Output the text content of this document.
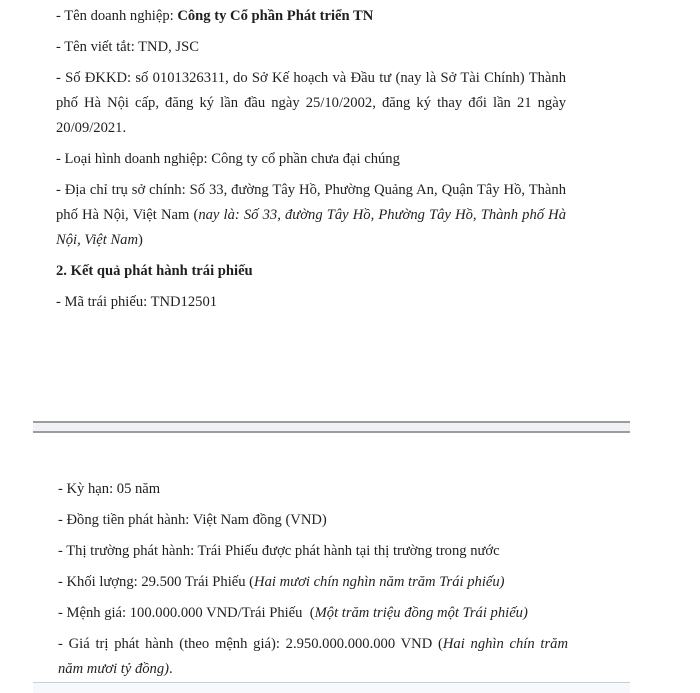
- Tên doanh nghiệp: Công ty Cổ phần Phát triển TN
- Tên viết tắt: TND, JSC
- Số ĐKKD: số 0101326311, do Sở Kế hoạch và Đầu tư (nay là Sở Tài Chính) Thành phố Hà Nội cấp, đăng ký lần đầu ngày 25/10/2002, đăng ký thay đổi lần 21 ngày 20/09/2021.
- Loại hình doanh nghiệp: Công ty cổ phần chưa đại chúng
- Địa chỉ trụ sở chính: Số 33, đường Tây Hồ, Phường Quảng An, Quận Tây Hồ, Thành phố Hà Nội, Việt Nam (nay là: Số 33, đường Tây Hồ, Phường Tây Hồ, Thành phố Hà Nội, Việt Nam)
2. Kết quả phát hành trái phiếu
- Mã trái phiếu: TND12501
- Kỳ hạn: 05 năm
- Đồng tiền phát hành: Việt Nam đồng (VND)
- Thị trường phát hành: Trái Phiếu được phát hành tại thị trường trong nước
- Khối lượng: 29.500 Trái Phiếu (Hai mươi chín nghìn năm trăm Trái phiếu)
- Mệnh giá: 100.000.000 VND/Trái Phiếu  (Một trăm triệu đồng một Trái phiếu)
- Giá trị phát hành (theo mệnh giá): 2.950.000.000.000 VND (Hai nghìn chín trăm năm mươi tỷ đồng).
